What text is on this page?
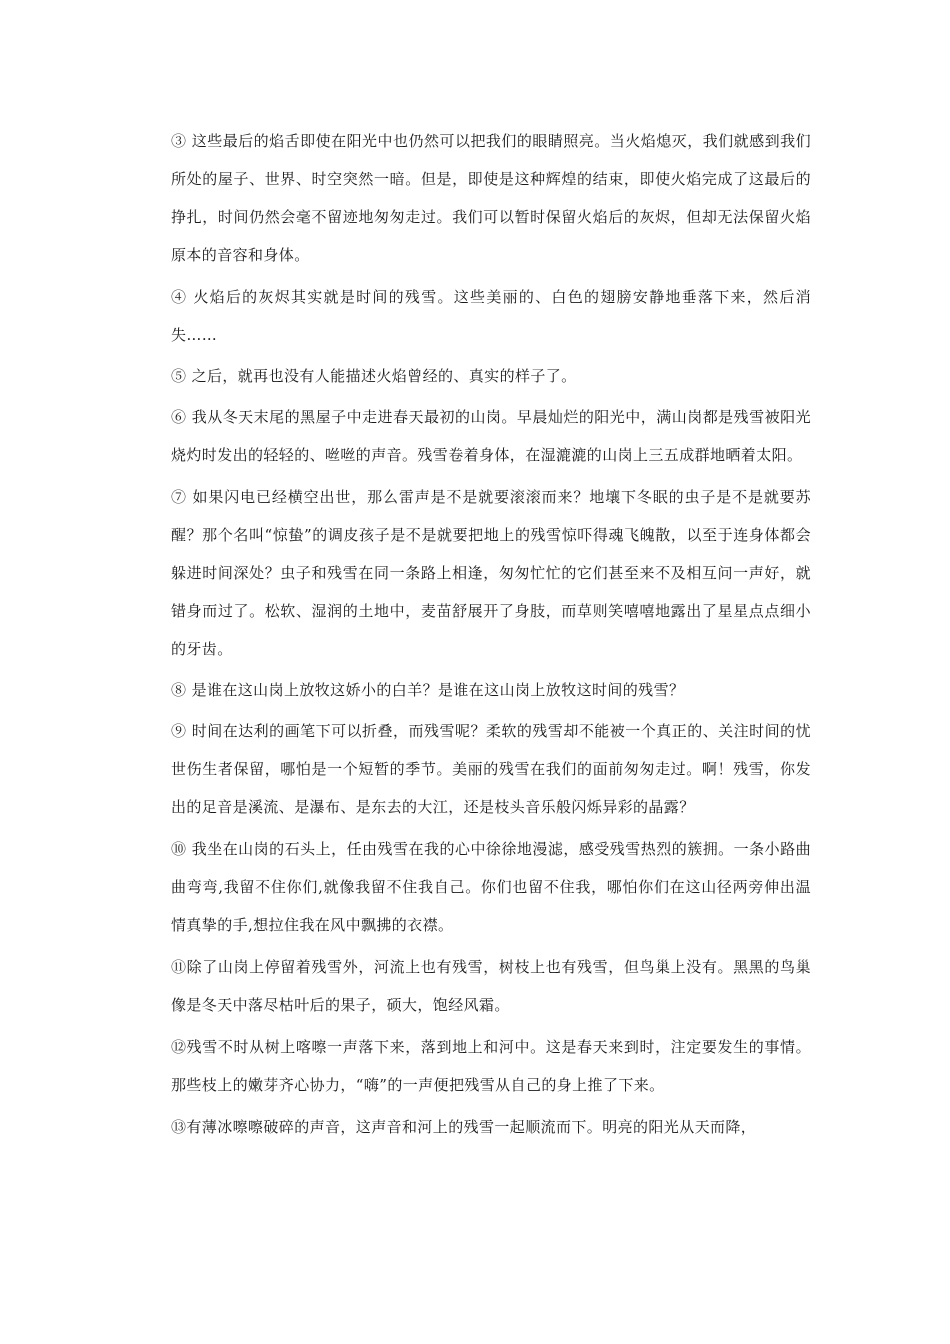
③ 这些最后的焰舌即使在阳光中也仍然可以把我们的眼睛照亮。当火焰熄灭，我们就感到我们所处的屋子、世界、时空突然一暗。但是，即使是这种辉煌的结束，即使火焰完成了这最后的挣扎，时间仍然会毫不留迹地匆匆走过。我们可以暂时保留火焰后的灰烬，但却无法保留火焰原本的音容和身体。

④ 火焰后的灰烬其实就是时间的残雪。这些美丽的、白色的翅膀安静地垂落下来，然后消失……

⑤ 之后，就再也没有人能描述火焰曾经的、真实的样子了。

⑥ 我从冬天末尾的黑屋子中走进春天最初的山岗。早晨灿烂的阳光中，满山岗都是残雪被阳光烧灼时发出的轻轻的、咝咝的声音。残雪卷着身体，在湿漉漉的山岗上三五成群地晒着太阳。

⑦ 如果闪电已经横空出世，那么雷声是不是就要滚滚而来？地壤下冬眠的虫子是不是就要苏醒？那个名叫“惊蛰”的调皮孩子是不是就要把地上的残雪惊吓得魂飞魄散，以至于连身体都会躲进时间深处？虫子和残雪在同一条路上相逢，匆匆忙忙的它们甚至来不及相互问一声好，就错身而过了。松软、湿润的土地中，麦苗舒展开了身肢，而草则笑嘻嘻地露出了星星点点细小的牙齿。

⑧ 是谁在这山岗上放牧这娇小的白羊？是谁在这山岗上放牧这时间的残雪？

⑨ 时间在达利的画笔下可以折叠，而残雪呢？柔软的残雪却不能被一个真正的、关注时间的忧世伤生者保留，哪怕是一个短暂的季节。美丽的残雪在我们的面前匆匆走过。啊！残雪，你发出的足音是溪流、是瀑布、是东去的大江，还是枝头音乐般闪烁异彩的晶露？

⑩ 我坐在山岗的石头上，任由残雪在我的心中徐徐地漫滤，感受残雪热烈的簇拥。一条小路曲曲弯弯,我留不住你们,就像我留不住我自己。你们也留不住我，哪怕你们在这山径两旁伸出温情真挚的手,想拉住我在风中飘拂的衣襟。

⑪除了山岗上停留着残雪外，河流上也有残雪，树枝上也有残雪，但鸟巢上没有。黑黑的鸟巢像是冬天中落尽枯叶后的果子，硕大，饱经风霜。

⑫残雪不时从树上喀嚓一声落下来，落到地上和河中。这是春天来到时，注定要发生的事情。那些枝上的嫩芽齐心协力，“嗨”的一声便把残雪从自己的身上推了下来。

⑬有薄冰嚓嚓破碎的声音，这声音和河上的残雪一起顺流而下。明亮的阳光从天而降，
